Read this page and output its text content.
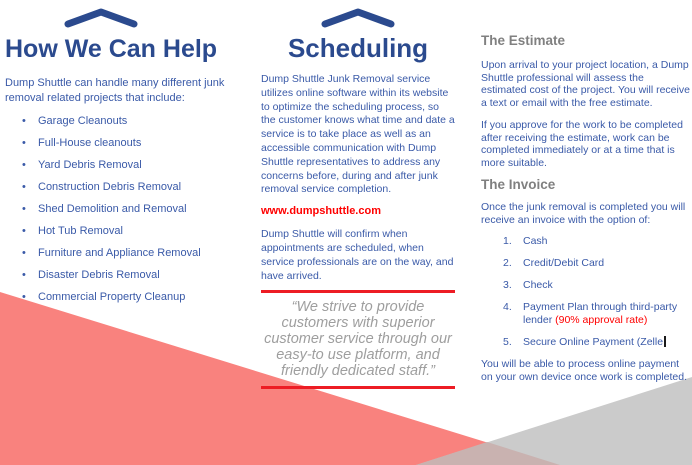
How We Can Help

Dump Shuttle can handle many different junk removal related projects that include:

• Garage Cleanouts
• Full-House cleanouts
• Yard Debris Removal
• Construction Debris Removal
• Shed Demolition and Removal
• Hot Tub Removal
• Furniture and Appliance Removal
• Disaster Debris Removal
• Commercial Property Cleanup
Scheduling

Dump Shuttle Junk Removal service utilizes online software within its website to optimize the scheduling process, so the customer knows what time and date a service is to take place as well as an accessible communication with Dump Shuttle representatives to address any concerns before, during and after junk removal service completion.

www.dumpshuttle.com

Dump Shuttle will confirm when appointments are scheduled, when service professionals are on the way, and have arrived.

“We strive to provide customers with superior customer service through our easy-to use platform, and friendly dedicated staff.”

The Estimate

Upon arrival to your project location, a Dump Shuttle professional will assess the estimated cost of the project. You will receive a text or email with the free estimate.

If you approve for the work to be completed after receiving the estimate, work can be completed immediately or at a time that is more suitable.

The Invoice

Once the junk removal is completed you will receive an invoice with the option of:

1.	Cash
2.	Credit/Debit Card
3.	Check
4.	Payment Plan through third-party lender (90% approval rate)
5.	Secure Online Payment (Zelle

You will be able to process online payment on your own device once work is completed.
